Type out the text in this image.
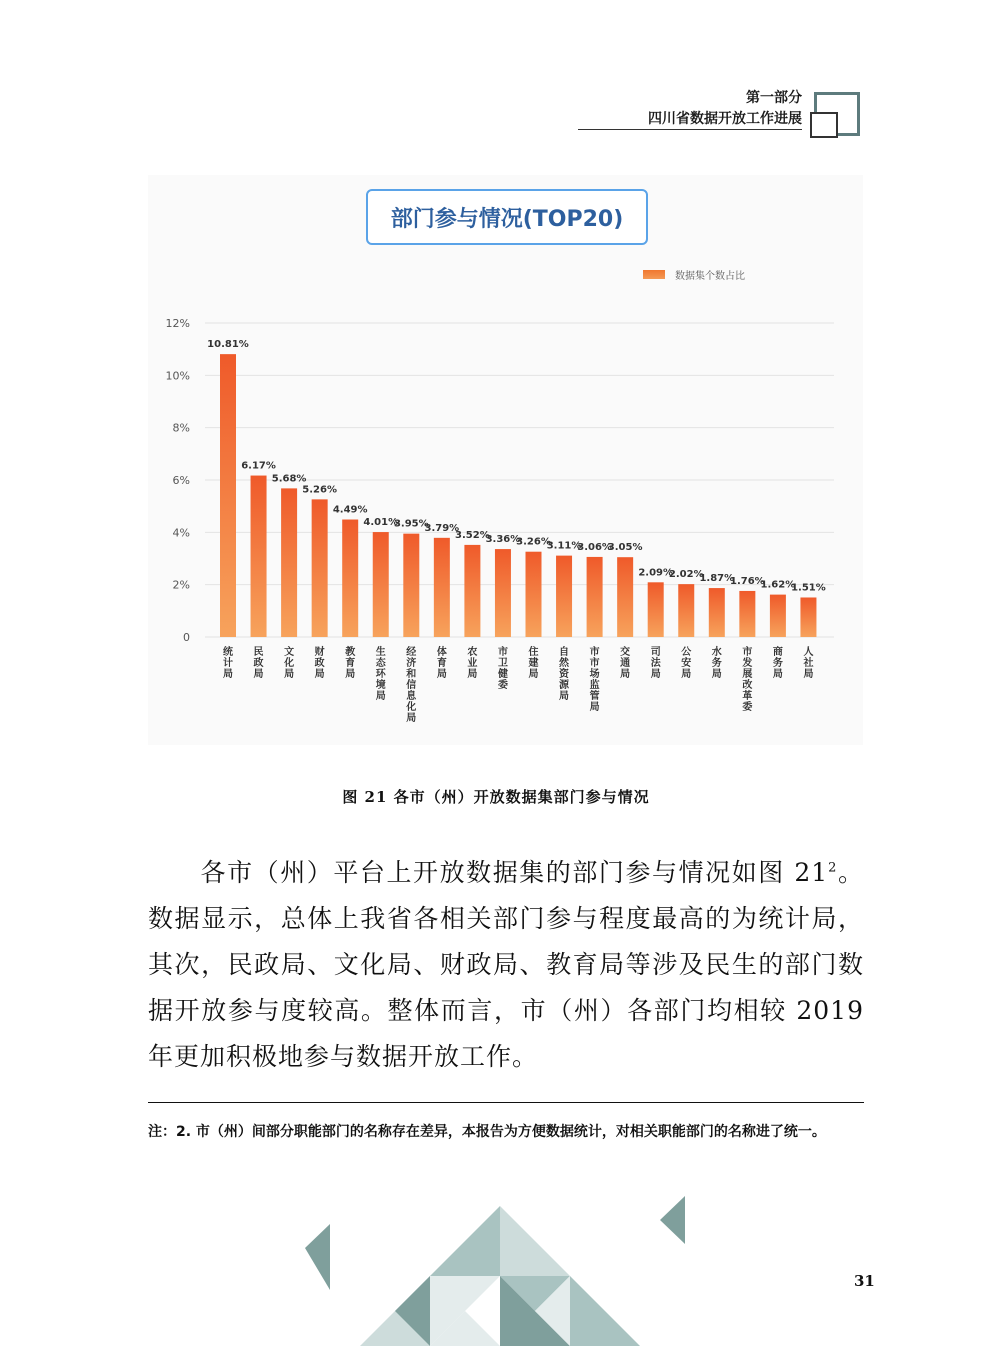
第一部分
四川省数据开放工作进展
0
2%
4%
6%
8%
10%
12%
10.81%
统计局
6.17%
民政局
5.68%
文化局
5.26%
财政局
4.49%
教育局
4.01%
生态环境局
3.95%
经济和信息化局
3.79%
体育局
3.52%
农业局
3.36%
市卫健委
3.26%
住建局
3.11%
自然资源局
3.06%
市市场监管局
3.05%
交通局
2.09%
司法局
2.02%
公安局
1.87%
水务局
1.76%
市发展改革委
1.62%
商务局
1.51%
人社局
部门参与情况(TOP20)
数据集个数占比
图 21 各市（州）开放数据集部门参与情况
各市（州）平台上开放数据集的部门参与情况如图 $21^2$。数据显示，总体上我省各相关部门参与程度最高的为统计局，其次，民政局、文化局、财政局、教育局等涉及民生的部门数据开放参与度较高。整体而言，市（州）各部门均相较 2019 年更加积极地参与数据开放工作。
注：2. 市（州）间部分职能部门的名称存在差异，本报告为方便数据统计，对相关职能部门的名称进了统一。
31
